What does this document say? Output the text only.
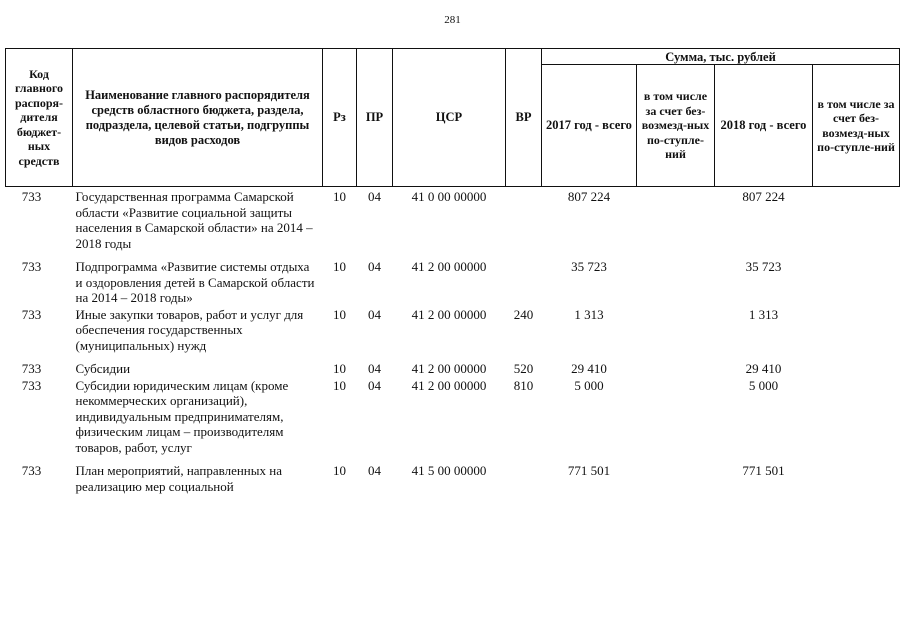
281
Код главного распоря-дителя бюджет-ных средств	Наименование главного распорядителя средств областного бюджета, раздела, подраздела, целевой статьи, подгруппы видов расходов	Рз	ПР	ЦСР	ВР	Сумма, тыс. рублей			
						2017 год - всего	в том числе за счет без-возмезд-ных по-ступле-ний	2018 год - всего	в том числе за счет без-возмезд-ных по-ступле-ний
733	Государственная программа Самарской области «Развитие социальной защиты населения в Самарской области» на 2014 – 2018 годы	10	04	41 0 00 00000		807 224		807 224	
733	Подпрограмма «Развитие системы отдыха и оздоровления детей в Самарской области на 2014 – 2018 годы»	10	04	41 2 00 00000		35 723		35 723	
733	Иные закупки товаров, работ и услуг для обеспечения государственных (муниципальных) нужд	10	04	41 2 00 00000	240	1 313		1 313	
733	Субсидии	10	04	41 2 00 00000	520	29 410		29 410	
733	Субсидии юридическим лицам (кроме некоммерческих организаций), индивидуальным предпринимателям, физическим лицам – производителям товаров, работ, услуг	10	04	41 2 00 00000	810	5 000		5 000	
733	План мероприятий, направленных на реализацию мер социальной	10	04	41 5 00 00000		771 501		771 501	
